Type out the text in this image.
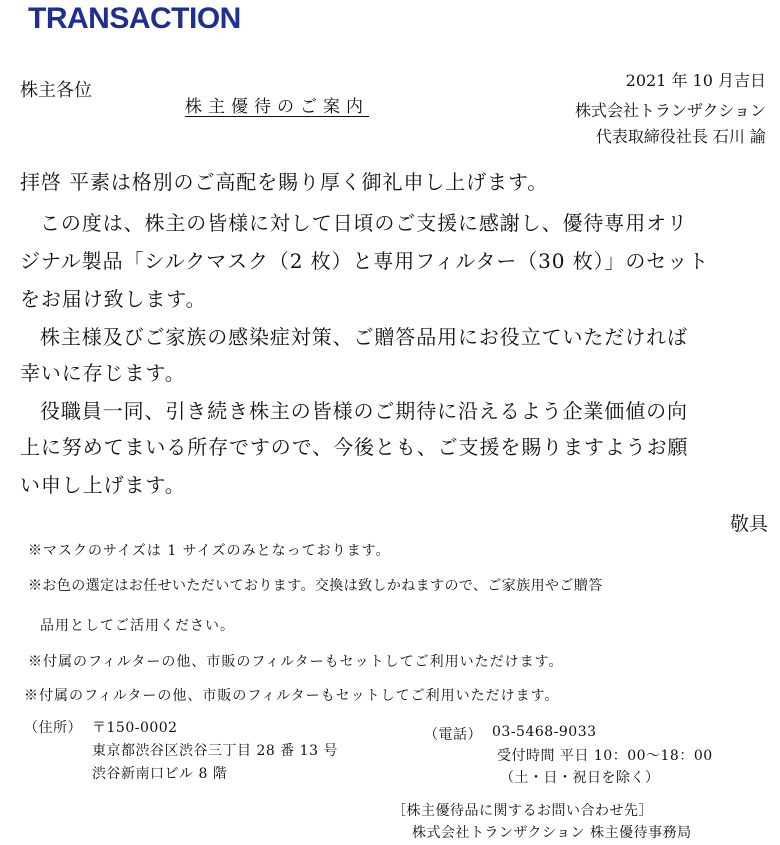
TRANSACTION
株主各位
株主優待のご案内
2021 年 10 月吉日
株式会社トランザクション
代表取締役社長 石川 諭
拝啓 平素は格別のご高配を賜り厚く御礼申し上げます。
この度は、株主の皆様に対して日頃のご支援に感謝し、優待専用オリ
ジナル製品「シルクマスク（2 枚）と専用フィルター（30 枚）」のセット
をお届け致します。
株主様及びご家族の感染症対策、ご贈答品用にお役立ていただければ
幸いに存じます。
役職員一同、引き続き株主の皆様のご期待に沿えるよう企業価値の向
上に努めてまいる所存ですので、今後とも、ご支援を賜りますようお願
い申し上げます。
敬具
※マスクのサイズは 1 サイズのみとなっております。
※お色の選定はお任せいただいております。交換は致しかねますので、ご家族用やご贈答
品用としてご活用ください。
※付属のフィルターの他、市販のフィルターもセットしてご利用いただけます。
※付属のフィルターの他、市販のフィルターもセットしてご利用いただけます。
（住所） 〒150-0002
東京都渋谷区渋谷三丁目 28 番 13 号
渋谷新南口ビル 8 階
（電話） 03-5468-9033
受付時間 平日 10：00～18：00
（土・日・祝日を除く）
［株主優待品に関するお問い合わせ先］
株式会社トランザクション 株主優待事務局
